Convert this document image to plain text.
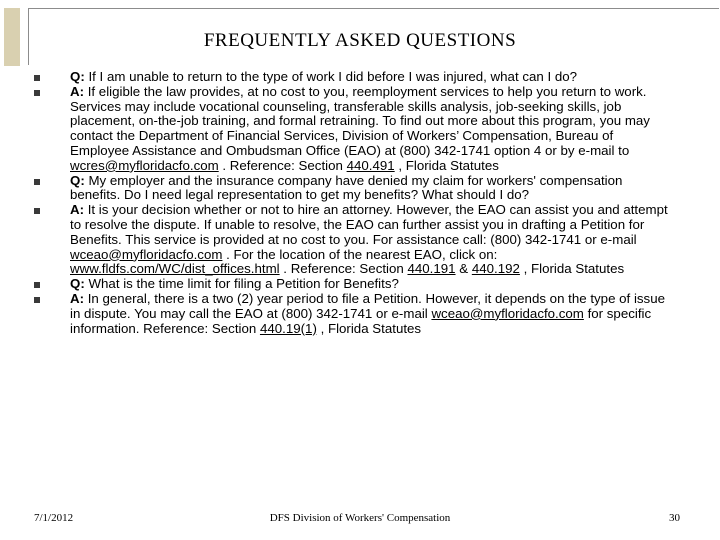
FREQUENTLY ASKED QUESTIONS
Q: If I am unable to return to the type of work I did before I was injured, what can I do?
A: If eligible the law provides, at no cost to you, reemployment services to help you return to work. Services may include vocational counseling, transferable skills analysis, job-seeking skills, job placement, on-the-job training, and formal retraining. To find out more about this program, you may contact the Department of Financial Services, Division of Workers’ Compensation, Bureau of Employee Assistance and Ombudsman Office (EAO) at (800) 342-1741 option 4 or by e-mail to wcres@myfloridacfo.com . Reference: Section 440.491 , Florida Statutes
Q: My employer and the insurance company have denied my claim for workers' compensation benefits. Do I need legal representation to get my benefits? What should I do?
A: It is your decision whether or not to hire an attorney. However, the EAO can assist you and attempt to resolve the dispute. If unable to resolve, the EAO can further assist you in drafting a Petition for Benefits. This service is provided at no cost to you. For assistance call: (800) 342-1741 or e-mail wceao@myfloridacfo.com . For the location of the nearest EAO, click on: www.fldfs.com/WC/dist_offices.html . Reference: Section 440.191 & 440.192 , Florida Statutes
Q: What is the time limit for filing a Petition for Benefits?
A: In general, there is a two (2) year period to file a Petition. However, it depends on the type of issue in dispute. You may call the EAO at (800) 342-1741 or e-mail wceao@myfloridacfo.com for specific information. Reference: Section 440.19(1) , Florida Statutes
7/1/2012	DFS Division of Workers' Compensation	30
